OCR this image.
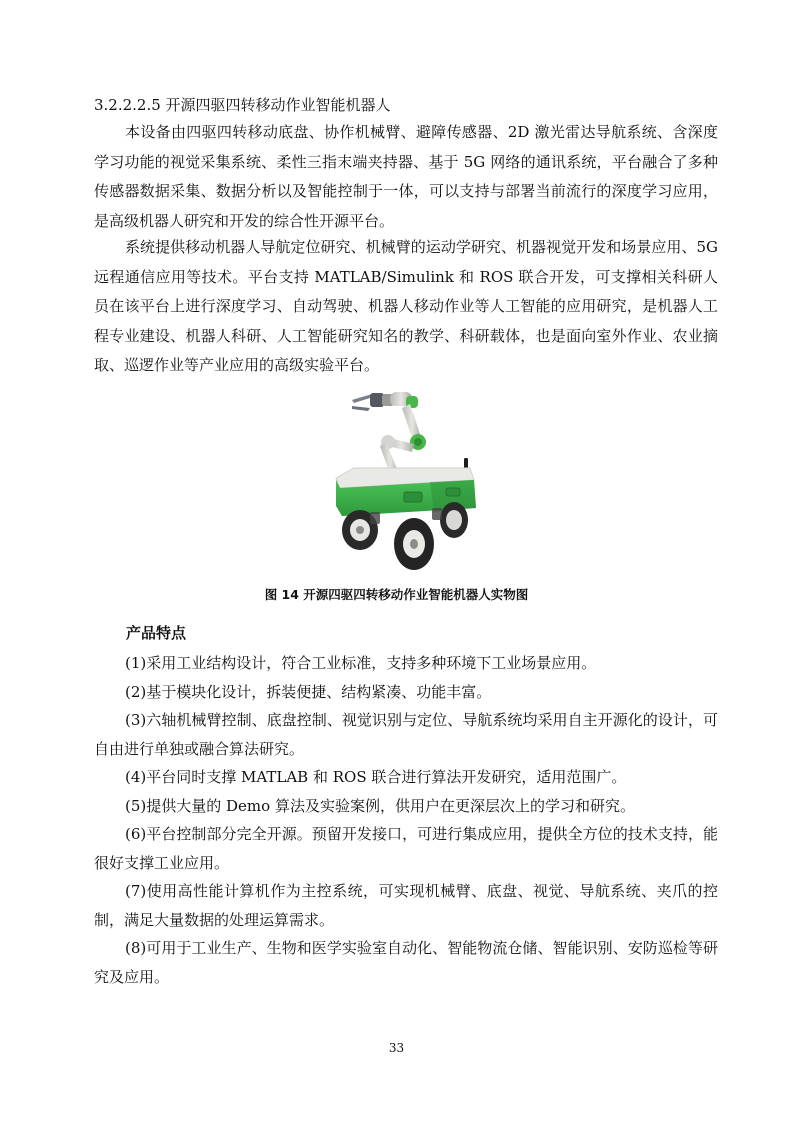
3.2.2.2.5 开源四驱四转移动作业智能机器人

本设备由四驱四转移动底盘、协作机械臂、避障传感器、2D 激光雷达导航系统、含深度学习功能的视觉采集系统、柔性三指末端夹持器、基于 5G 网络的通讯系统，平台融合了多种传感器数据采集、数据分析以及智能控制于一体，可以支持与部署当前流行的深度学习应用，是高级机器人研究和开发的综合性开源平台。

系统提供移动机器人导航定位研究、机械臂的运动学研究、机器视觉开发和场景应用、5G 远程通信应用等技术。平台支持 MATLAB/Simulink 和 ROS 联合开发，可支撑相关科研人员在该平台上进行深度学习、自动驾驶、机器人移动作业等人工智能的应用研究，是机器人工程专业建设、机器人科研、人工智能研究知名的教学、科研载体，也是面向室外作业、农业摘取、巡逻作业等产业应用的高级实验平台。

图 14 开源四驱四转移动作业智能机器人实物图
产品特点
(1)采用工业结构设计，符合工业标准，支持多种环境下工业场景应用。
(2)基于模块化设计，拆装便捷、结构紧凑、功能丰富。
(3)六轴机械臂控制、底盘控制、视觉识别与定位、导航系统均采用自主开源化的设计，可自由进行单独或融合算法研究。
(4)平台同时支撑 MATLAB 和 ROS 联合进行算法开发研究，适用范围广。
(5)提供大量的 Demo 算法及实验案例，供用户在更深层次上的学习和研究。
(6)平台控制部分完全开源。预留开发接口，可进行集成应用，提供全方位的技术支持，能很好支撑工业应用。
(7)使用高性能计算机作为主控系统，可实现机械臂、底盘、视觉、导航系统、夹爪的控制，满足大量数据的处理运算需求。
(8)可用于工业生产、生物和医学实验室自动化、智能物流仓储、智能识别、安防巡检等研究及应用。
33
